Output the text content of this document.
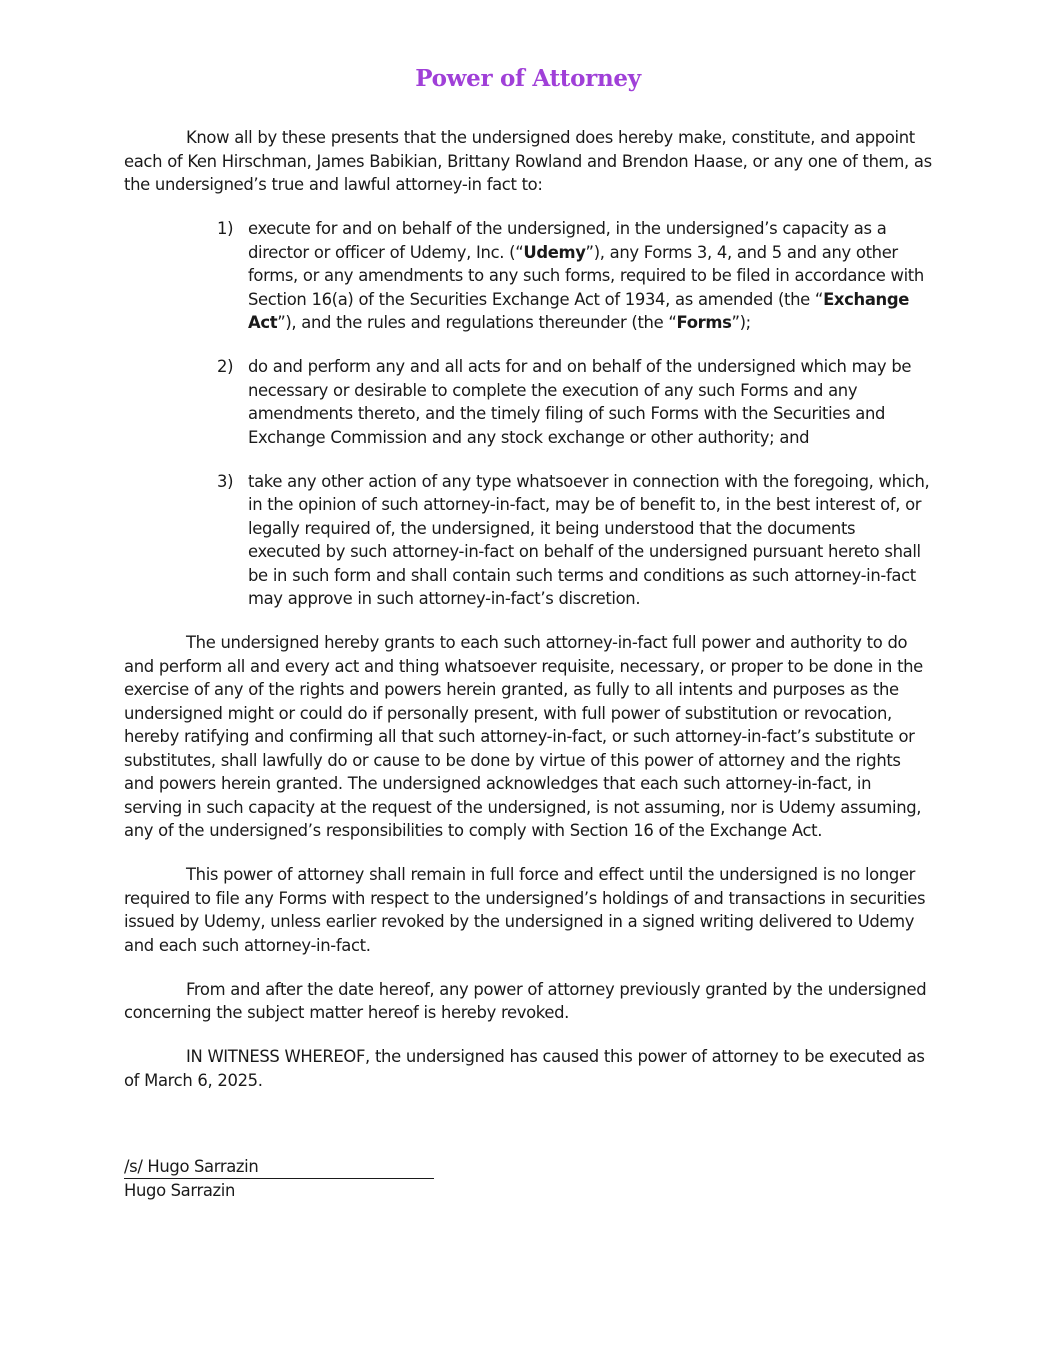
Power of Attorney

Know all by these presents that the undersigned does hereby make, constitute, and appoint each of Ken Hirschman, James Babikian, Brittany Rowland and Brendon Haase, or any one of them, as the undersigned’s true and lawful attorney-in fact to:

1) execute for and on behalf of the undersigned, in the undersigned’s capacity as a director or officer of Udemy, Inc. (“Udemy”), any Forms 3, 4, and 5 and any other forms, or any amendments to any such forms, required to be filed in accordance with Section 16(a) of the Securities Exchange Act of 1934, as amended (the “Exchange Act”), and the rules and regulations thereunder (the “Forms”);
2) do and perform any and all acts for and on behalf of the undersigned which may be necessary or desirable to complete the execution of any such Forms and any amendments thereto, and the timely filing of such Forms with the Securities and Exchange Commission and any stock exchange or other authority; and
3) take any other action of any type whatsoever in connection with the foregoing, which, in the opinion of such attorney-in-fact, may be of benefit to, in the best interest of, or legally required of, the undersigned, it being understood that the documents executed by such attorney-in-fact on behalf of the undersigned pursuant hereto shall be in such form and shall contain such terms and conditions as such attorney-in-fact may approve in such attorney-in-fact’s discretion.

The undersigned hereby grants to each such attorney-in-fact full power and authority to do and perform all and every act and thing whatsoever requisite, necessary, or proper to be done in the exercise of any of the rights and powers herein granted, as fully to all intents and purposes as the undersigned might or could do if personally present, with full power of substitution or revocation, hereby ratifying and confirming all that such attorney-in-fact, or such attorney-in-fact’s substitute or substitutes, shall lawfully do or cause to be done by virtue of this power of attorney and the rights and powers herein granted. The undersigned acknowledges that each such attorney-in-fact, in serving in such capacity at the request of the undersigned, is not assuming, nor is Udemy assuming, any of the undersigned’s responsibilities to comply with Section 16 of the Exchange Act.

This power of attorney shall remain in full force and effect until the undersigned is no longer required to file any Forms with respect to the undersigned’s holdings of and transactions in securities issued by Udemy, unless earlier revoked by the undersigned in a signed writing delivered to Udemy and each such attorney-in-fact.

From and after the date hereof, any power of attorney previously granted by the undersigned concerning the subject matter hereof is hereby revoked.

IN WITNESS WHEREOF, the undersigned has caused this power of attorney to be executed as of March 6, 2025.

/s/ Hugo Sarrazin
Hugo Sarrazin
